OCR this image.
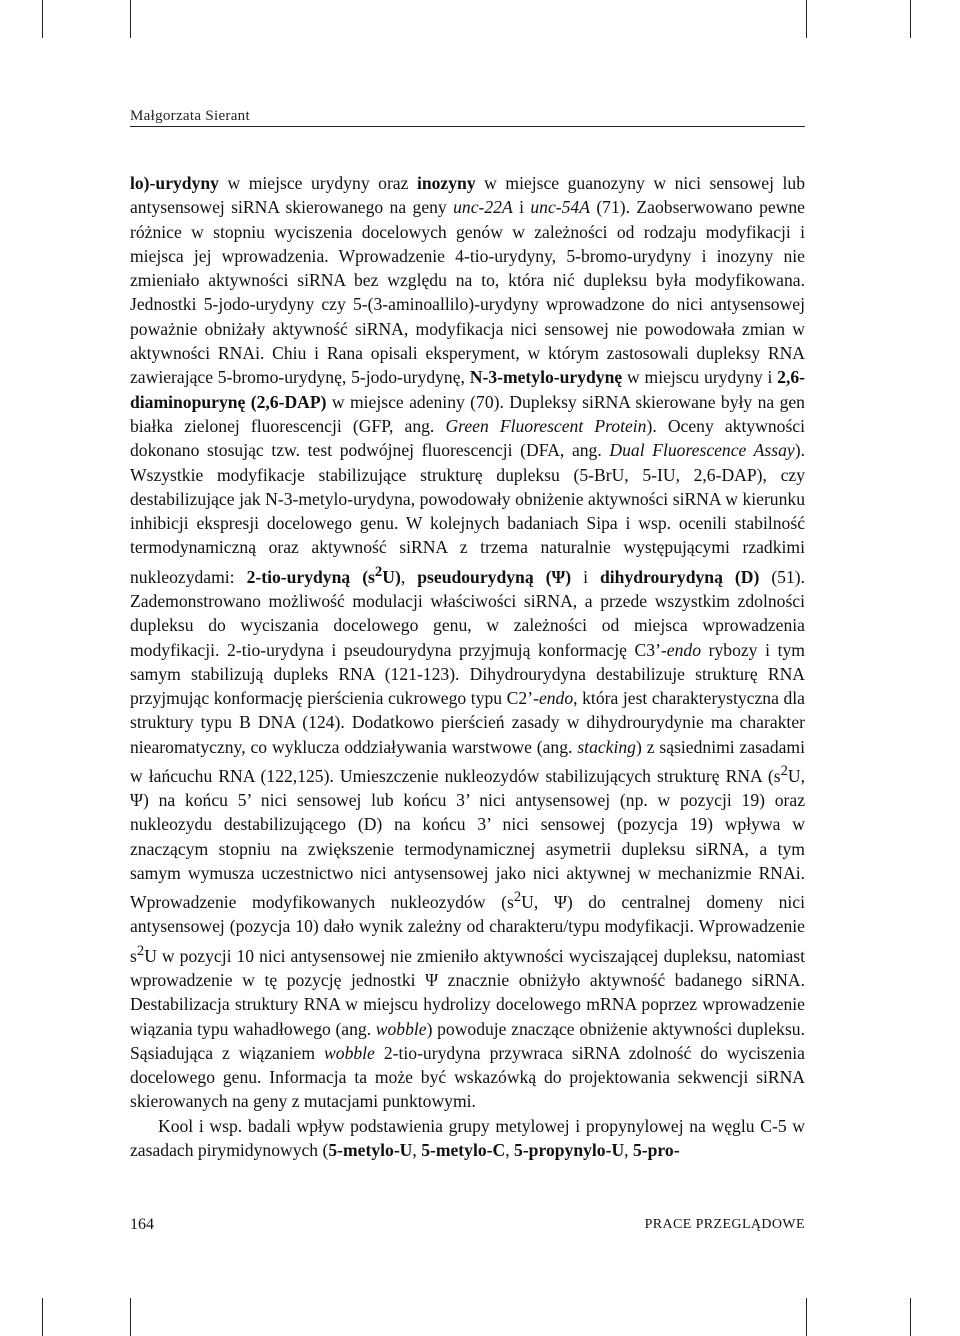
Małgorzata Sierant

lo)-urydyny w miejsce urydyny oraz inozyny w miejsce guanozyny w nici sensowej lub antysensowej siRNA skierowanego na geny unc-22A i unc-54A (71). Zaobserwowano pewne różnice w stopniu wyciszenia docelowych genów w zależności od rodzaju modyfikacji i miejsca jej wprowadzenia. Wprowadzenie 4-tio-urydyny, 5-bromo-urydyny i inozyny nie zmieniało aktywności siRNA bez względu na to, która nić dupleksu była modyfikowana. Jednostki 5-jodo-urydyny czy 5-(3-aminoallilo)-urydyny wprowadzone do nici antysensowej poważnie obniżały aktywność siRNA, modyfikacja nici sensowej nie powodowała zmian w aktywności RNAi. Chiu i Rana opisali eksperyment, w którym zastosowali dupleksy RNA zawierające 5-bromo-urydynę, 5-jodo-urydynę, N-3-metylo-urydynę w miejscu urydyny i 2,6-diaminopurynę (2,6-DAP) w miejsce adeniny (70). Dupleksy siRNA skierowane były na gen białka zielonej fluorescencji (GFP, ang. Green Fluorescent Protein). Oceny aktywności dokonano stosując tzw. test podwójnej fluorescencji (DFA, ang. Dual Fluorescence Assay). Wszystkie modyfikacje stabilizujące strukturę dupleksu (5-BrU, 5-IU, 2,6-DAP), czy destabilizujące jak N-3-metylo-urydyna, powodowały obniżenie aktywności siRNA w kierunku inhibicji ekspresji docelowego genu. W kolejnych badaniach Sipa i wsp. ocenili stabilność termodynamiczną oraz aktywność siRNA z trzema naturalnie występującymi rzadkimi nukleozydami: 2-tio-urydyną $(s^2U)$, pseudourydyną (Ψ) i dihydrourydyną (D) (51). Zademonstrowano możliwość modulacji właściwości siRNA, a przede wszystkim zdolności dupleksu do wyciszania docelowego genu, w zależności od miejsca wprowadzenia modyfikacji. 2-tio-urydyna i pseudourydyna przyjmują konformację C3’-endo rybozy i tym samym stabilizują dupleks RNA (121-123). Dihydrourydyna destabilizuje strukturę RNA przyjmując konformację pierścienia cukrowego typu C2’-endo, która jest charakterystyczna dla struktury typu B DNA (124). Dodatkowo pierścień zasady w dihydrourydynie ma charakter niearomatyczny, co wyklucza oddziaływania warstwowe (ang. stacking) z sąsiednimi zasadami w łańcuchu RNA (122,125). Umieszczenie nukleozydów stabilizujących strukturę RNA ($s^2U$, Ψ) na końcu 5’ nici sensowej lub końcu 3’ nici antysensowej (np. w pozycji 19) oraz nukleozydu destabilizującego (D) na końcu 3’ nici sensowej (pozycja 19) wpływa w znaczącym stopniu na zwiększenie termodynamicznej asymetrii dupleksu siRNA, a tym samym wymusza uczestnictwo nici antysensowej jako nici aktywnej w mechanizmie RNAi. Wprowadzenie modyfikowanych nukleozydów ($s^2U$, Ψ) do centralnej domeny nici antysensowej (pozycja 10) dało wynik zależny od charakteru/typu modyfikacji. Wprowadzenie $s^2U$ w pozycji 10 nici antysensowej nie zmieniło aktywności wyciszającej dupleksu, natomiast wprowadzenie w tę pozycję jednostki Ψ znacznie obniżyło aktywność badanego siRNA. Destabilizacja struktury RNA w miejscu hydrolizy docelowego mRNA poprzez wprowadzenie wiązania typu wahadłowego (ang. wobble) powoduje znaczące obniżenie aktywności dupleksu. Sąsiadująca z wiązaniem wobble 2-tio-urydyna przywraca siRNA zdolność do wyciszenia docelowego genu. Informacja ta może być wskazówką do projektowania sekwencji siRNA skierowanych na geny z mutacjami punktowymi.

Kool i wsp. badali wpływ podstawienia grupy metylowej i propynylowej na węglu C-5 w zasadach pirymidynowych (5-metylo-U, 5-metylo-C, 5-propynylo-U, 5-pro-

164	PRACE PRZEGLĄDOWE
